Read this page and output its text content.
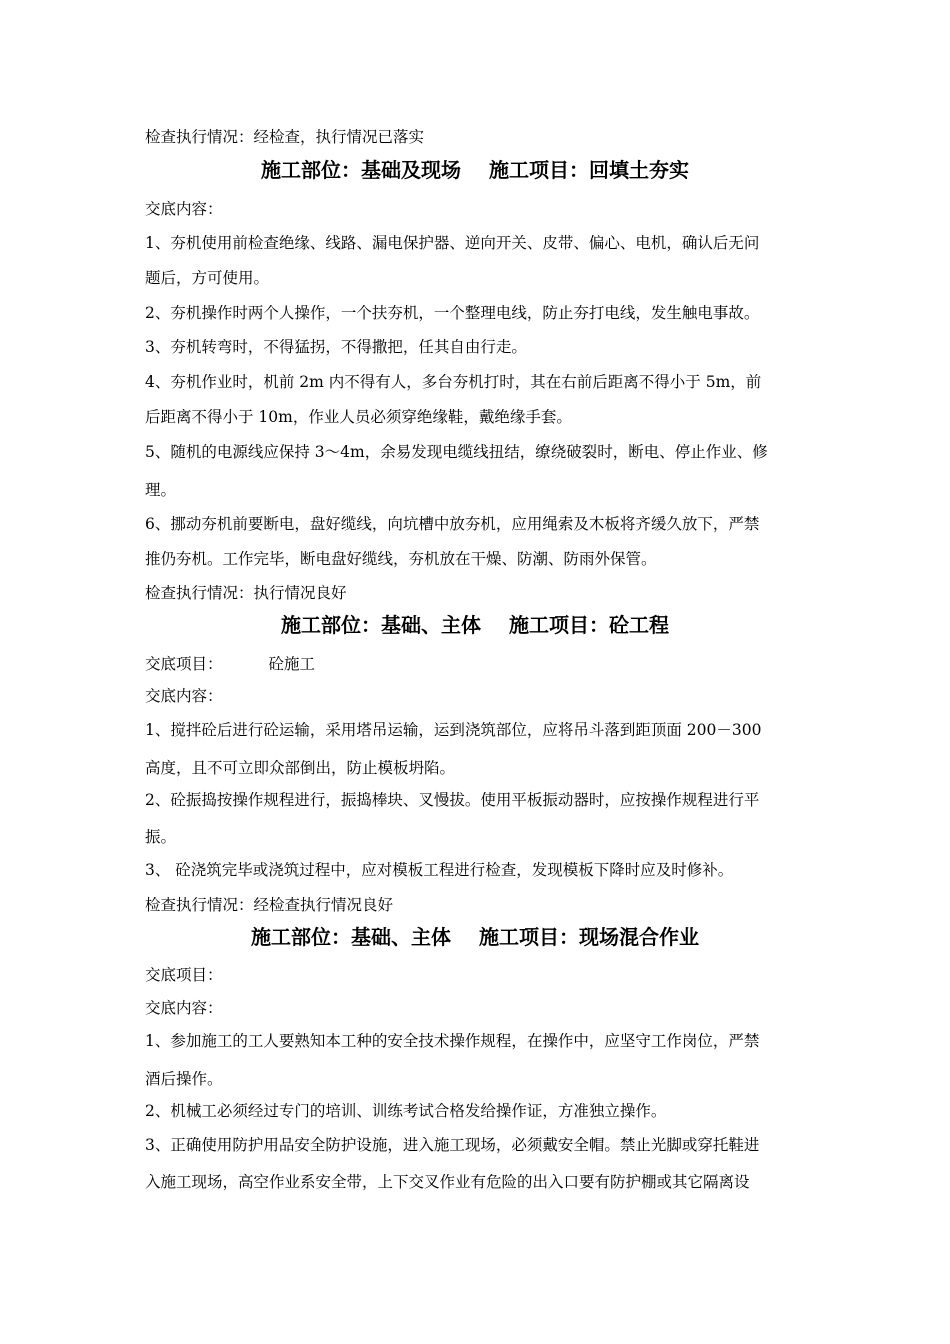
检查执行情况：经检查，执行情况已落实
施工部位：基础及现场 施工项目：回填土夯实
交底内容：
1、夯机使用前检查绝缘、线路、漏电保护器、逆向开关、皮带、偏心、电机，确认后无问
题后，方可使用。
2、夯机操作时两个人操作，一个扶夯机，一个整理电线，防止夯打电线，发生触电事故。
3、夯机转弯时，不得猛拐，不得撒把，任其自由行走。
4、夯机作业时，机前 2m 内不得有人，多台夯机打时，其在右前后距离不得小于 5m，前
后距离不得小于 10m，作业人员必须穿绝缘鞋，戴绝缘手套。
5、随机的电源线应保持 3～4m，余易发现电缆线扭结，缭绕破裂时，断电、停止作业、修
理。
6、挪动夯机前要断电，盘好缆线，向坑槽中放夯机，应用绳索及木板将齐缓久放下，严禁
推仍夯机。工作完毕，断电盘好缆线，夯机放在干燥、防潮、防雨外保管。
检查执行情况：执行情况良好
施工部位：基础、主体 施工项目：砼工程
交底项目：	砼施工
交底内容：
1、搅拌砼后进行砼运输，采用塔吊运输，运到浇筑部位，应将吊斗落到距顶面 200－300
高度，且不可立即众部倒出，防止模板坍陷。
2、砼振捣按操作规程进行，振捣棒块、叉慢拔。使用平板振动器时，应按操作规程进行平
振。
3、 砼浇筑完毕或浇筑过程中，应对模板工程进行检查，发现模板下降时应及时修补。
检查执行情况：经检查执行情况良好
施工部位：基础、主体 施工项目：现场混合作业
交底项目：
交底内容：
1、参加施工的工人要熟知本工种的安全技术操作规程，在操作中，应坚守工作岗位，严禁
酒后操作。
2、机械工必须经过专门的培训、训练考试合格发给操作证，方准独立操作。
3、正确使用防护用品安全防护设施，进入施工现场，必须戴安全帽。禁止光脚或穿托鞋进
入施工现场，高空作业系安全带，上下交叉作业有危险的出入口要有防护棚或其它隔离设
